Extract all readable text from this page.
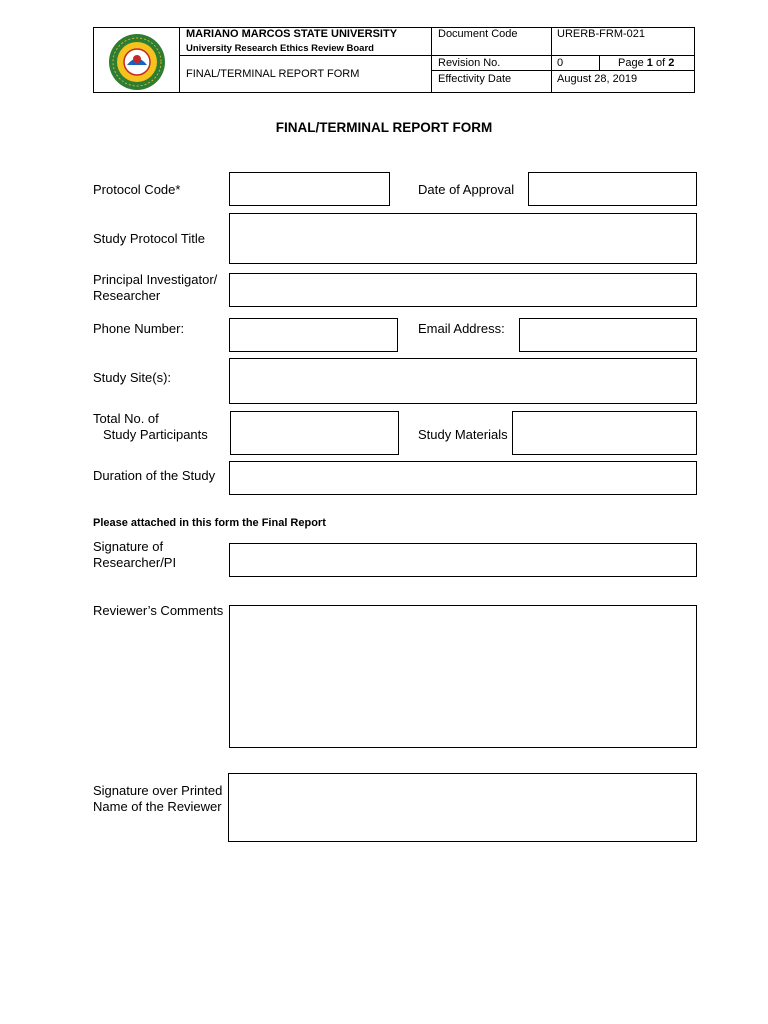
MARIANO MARCOS STATE UNIVERSITY
University Research Ethics Review Board
FINAL/TERMINAL REPORT FORM
Document Code	URERB-FRM-021
Revision No.	0	Page 1 of 2
Effectivity Date	August 28, 2019
FINAL/TERMINAL REPORT FORM
Protocol Code*	Date of Approval
Study Protocol Title
Principal Investigator/
Researcher
Phone Number:	Email Address:
Study Site(s):
Total No. of
Study Participants	Study Materials
Duration of the Study
Please attached in this form the Final Report
Signature of
Researcher/PI
Reviewer’s Comments
Signature over Printed
Name of the Reviewer
